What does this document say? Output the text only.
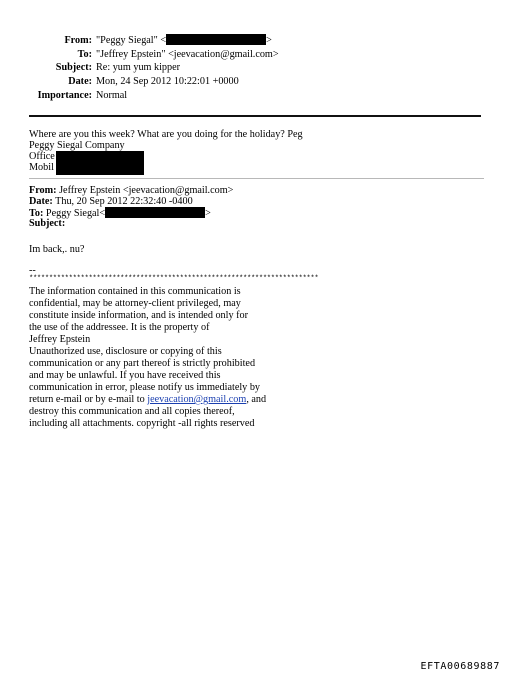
From: "Peggy Siegal" <	>
To: "Jeffrey Epstein" <jeevacation@gmail.com>
Subject: Re: yum yum kipper
Date: Mon, 24 Sep 2012 10:22:01 +0000
Importance: Normal
Where are you this week? What are you doing for the holiday? Peg
Peggy Siegal Company
Office
Mobil
From: Jeffrey Epstein <jeevacation@gmail.com>
Date: Thu, 20 Sep 2012 22:32:40 -0400
To: Peggy Siegal<	>
Subject:
Im back,. nu?
--
*************************************************************************
The information contained in this communication is
confidential, may be attorney-client privileged, may
constitute inside information, and is intended only for
the use of the addressee. It is the property of
Jeffrey Epstein
Unauthorized use, disclosure or copying of this
communication or any part thereof is strictly prohibited
and may be unlawful. If you have received this
communication in error, please notify us immediately by
return e-mail or by e-mail to jeevacation@gmail.com, and
destroy this communication and all copies thereof,
including all attachments. copyright -all rights reserved
EFTA00689887
